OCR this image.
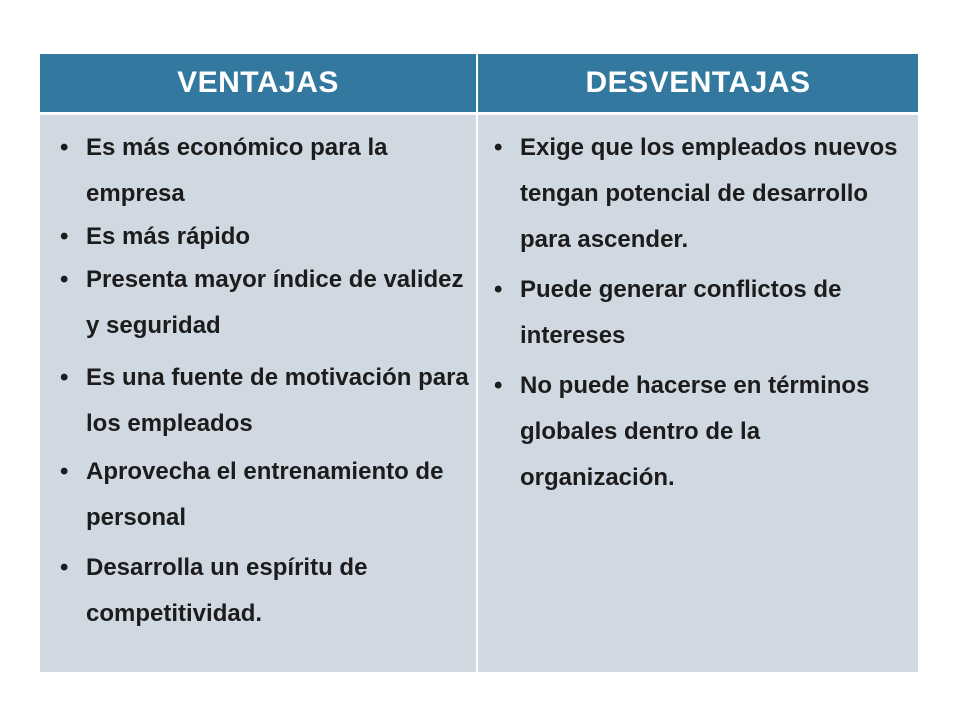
VENTAJAS	DESVENTAJAS
• Es más económico para la empresa
• Es más rápido
• Presenta mayor índice de validez y seguridad
• Es una fuente de motivación para los empleados
• Aprovecha el entrenamiento de personal
• Desarrolla un espíritu de competitividad.
• Exige que los empleados nuevos tengan potencial de desarrollo para ascender.
• Puede generar conflictos de intereses
• No puede hacerse en términos globales dentro de la organización.
